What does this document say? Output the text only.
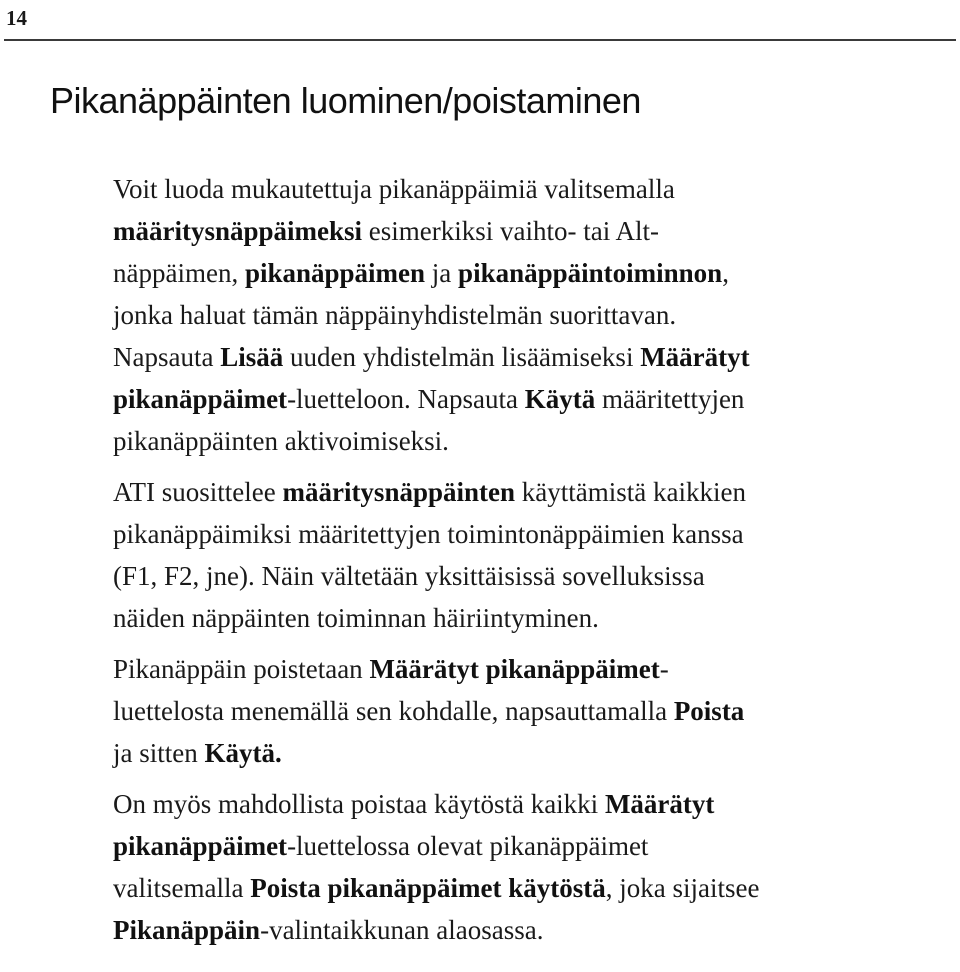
14
Pikanäppäinten luominen/poistaminen

Voit luoda mukautettuja pikanäppäimiä valitsemalla
määritysnäppäimeksi esimerkiksi vaihto- tai Alt-
näppäimen, pikanäppäimen ja pikanäppäintoiminnon,
jonka haluat tämän näppäinyhdistelmän suorittavan.
Napsauta Lisää uuden yhdistelmän lisäämiseksi Määrätyt
pikanäppäimet-luetteloon. Napsauta Käytä määritettyjen
pikanäppäinten aktivoimiseksi.

ATI suosittelee määritysnäppäinten käyttämistä kaikkien
pikanäppäimiksi määritettyjen toimintonäppäimien kanssa
(F1, F2, jne). Näin vältetään yksittäisissä sovelluksissa
näiden näppäinten toiminnan häiriintyminen.

Pikanäppäin poistetaan Määrätyt pikanäppäimet-
luettelosta menemällä sen kohdalle, napsauttamalla Poista
ja sitten Käytä.

On myös mahdollista poistaa käytöstä kaikki Määrätyt
pikanäppäimet-luettelossa olevat pikanäppäimet
valitsemalla Poista pikanäppäimet käytöstä, joka sijaitsee
Pikanäppäin-valintaikkunan alaosassa.
